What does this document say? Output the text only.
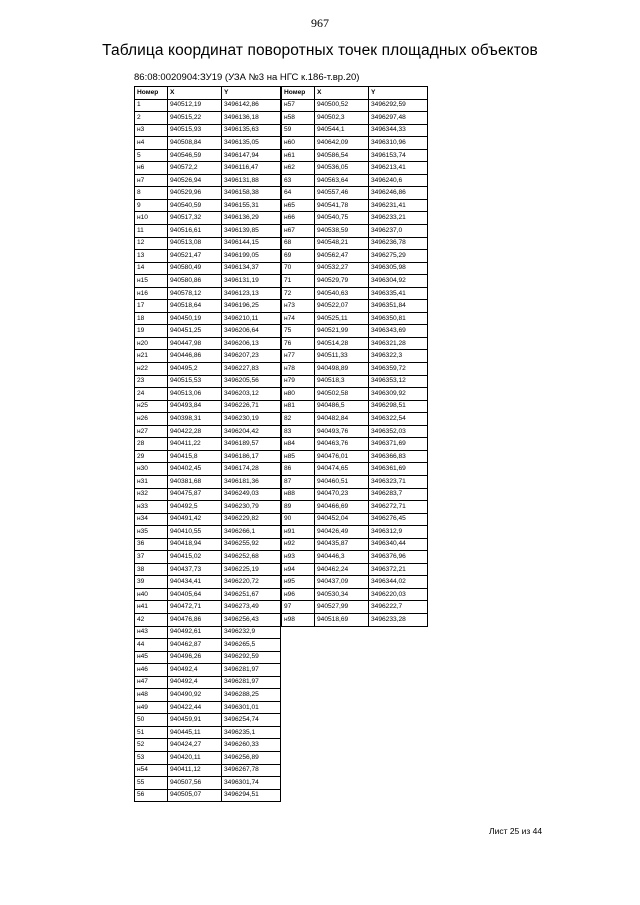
967
Таблица координат поворотных точек площадных объектов
86:08:0020904:ЗУ19 (УЗА №3 на НГС к.186-т.вр.20)
Номер	X	Y
1	940512,19	3496142,86
2	940515,22	3496136,18
н3	940515,93	3496135,63
н4	940508,84	3496135,05
5	940546,59	3496147,94
н6	940572,2	3496116,47
н7	940526,94	3496131,88
8	940529,96	3496158,38
9	940540,59	3496155,31
н10	940517,32	3496136,29
11	940516,61	3496139,85
12	940513,08	3496144,15
13	940521,47	3496199,05
14	940580,49	3496134,37
н15	940580,86	3496131,19
н16	940578,12	3496123,13
17	940518,64	3496196,25
18	940450,19	3496210,11
19	940451,25	3496206,64
н20	940447,98	3496206,13
н21	940446,86	3496207,23
н22	940495,2	3496227,83
23	940515,53	3496205,56
24	940513,06	3496203,12
н25	940493,84	3496226,71
н26	940398,31	3496230,19
н27	940422,28	3496204,42
28	940411,22	3496189,57
29	940415,8	3496186,17
н30	940402,45	3496174,28
н31	940381,68	3496181,36
н32	940475,87	3496249,03
н33	940492,5	3496230,79
н34	940491,42	3496229,82
н35	940410,55	3496266,1
36	940418,94	3496255,92
37	940415,02	3496252,68
38	940437,73	3496225,19
39	940434,41	3496220,72
н40	940405,64	3496251,67
н41	940472,71	3496273,49
42	940476,86	3496256,43
н43	940492,61	3496232,9
44	940462,87	3496265,5
н45	940496,26	3496292,59
н46	940492,4	3496281,97
н47	940492,4	3496281,97
н48	940490,92	3496288,25
н49	940422,44	3496301,01
50	940459,91	3496254,74
51	940445,11	3496235,1
52	940424,27	3496260,33
53	940420,11	3496256,89
н54	940411,12	3496267,78
55	940507,56	3496301,74
56	940505,07	3496294,51
Номер	X	Y
н57	940500,52	3496292,59
н58	940502,3	3496297,48
59	940544,1	3496344,33
н60	940642,09	3496310,96
н61	940586,54	3496153,74
н62	940536,05	3496213,41
63	940563,64	3496240,6
64	940557,46	3496246,86
н65	940541,78	3496231,41
н66	940540,75	3496233,21
н67	940538,59	3496237,0
68	940548,21	3496236,78
69	940562,47	3496275,29
70	940532,27	3496305,98
71	940529,79	3496304,92
72	940540,63	3496335,41
н73	940522,07	3496351,84
н74	940525,11	3496350,81
75	940521,99	3496343,69
76	940514,28	3496321,28
н77	940511,33	3496322,3
н78	940498,89	3496359,72
н79	940518,3	3496353,12
н80	940502,58	3496309,92
н81	940486,5	3496298,51
82	940482,84	3496322,54
83	940493,76	3496352,03
н84	940463,76	3496371,69
н85	940476,01	3496366,83
86	940474,65	3496361,69
87	940460,51	3496323,71
н88	940470,23	3496283,7
89	940466,69	3496272,71
90	940452,04	3496276,45
н91	940426,49	3496312,9
н92	940435,87	3496340,44
н93	940446,3	3496376,96
н94	940462,24	3496372,21
н95	940437,09	3496344,02
н96	940530,34	3496220,03
97	940527,99	3496222,7
н98	940518,69	3496233,28
Лист 25 из 44
